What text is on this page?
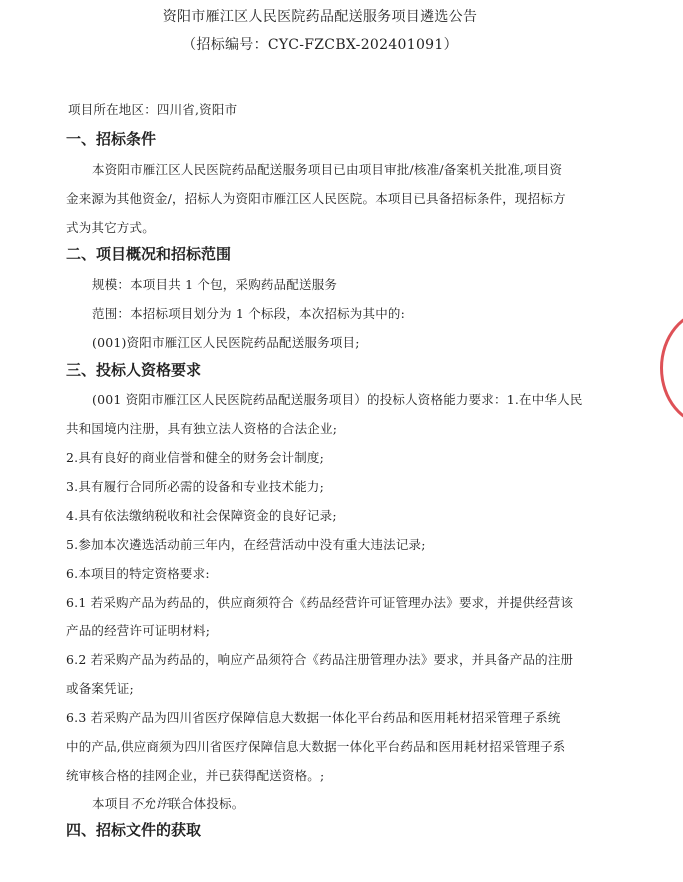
资阳市雁江区人民医院药品配送服务项目遴选公告
（招标编号：CYC-FZCBX-202401091）
项目所在地区：四川省,资阳市
一、招标条件
本资阳市雁江区人民医院药品配送服务项目已由项目审批/核准/备案机关批准,项目资
金来源为其他资金/，招标人为资阳市雁江区人民医院。本项目已具备招标条件，现招标方
式为其它方式。
二、项目概况和招标范围
规模：本项目共 1 个包，采购药品配送服务
范围：本招标项目划分为 1 个标段，本次招标为其中的:
(001)资阳市雁江区人民医院药品配送服务项目;
三、投标人资格要求
(001 资阳市雁江区人民医院药品配送服务项目）的投标人资格能力要求：1.在中华人民
共和国境内注册，具有独立法人资格的合法企业;
2.具有良好的商业信誉和健全的财务会计制度;
3.具有履行合同所必需的设备和专业技术能力;
4.具有依法缴纳税收和社会保障资金的良好记录;
5.参加本次遴选活动前三年内，在经营活动中没有重大违法记录;
6.本项目的特定资格要求:
6.1 若采购产品为药品的，供应商须符合《药品经营许可证管理办法》要求，并提供经营该
产品的经营许可证明材料;
6.2 若采购产品为药品的，响应产品须符合《药品注册管理办法》要求，并具备产品的注册
或备案凭证;
6.3 若采购产品为四川省医疗保障信息大数据一体化平台药品和医用耗材招采管理子系统
中的产品,供应商须为四川省医疗保障信息大数据一体化平台药品和医用耗材招采管理子系
统审核合格的挂网企业，并已获得配送资格。;
本项目不允许联合体投标。
四、招标文件的获取
